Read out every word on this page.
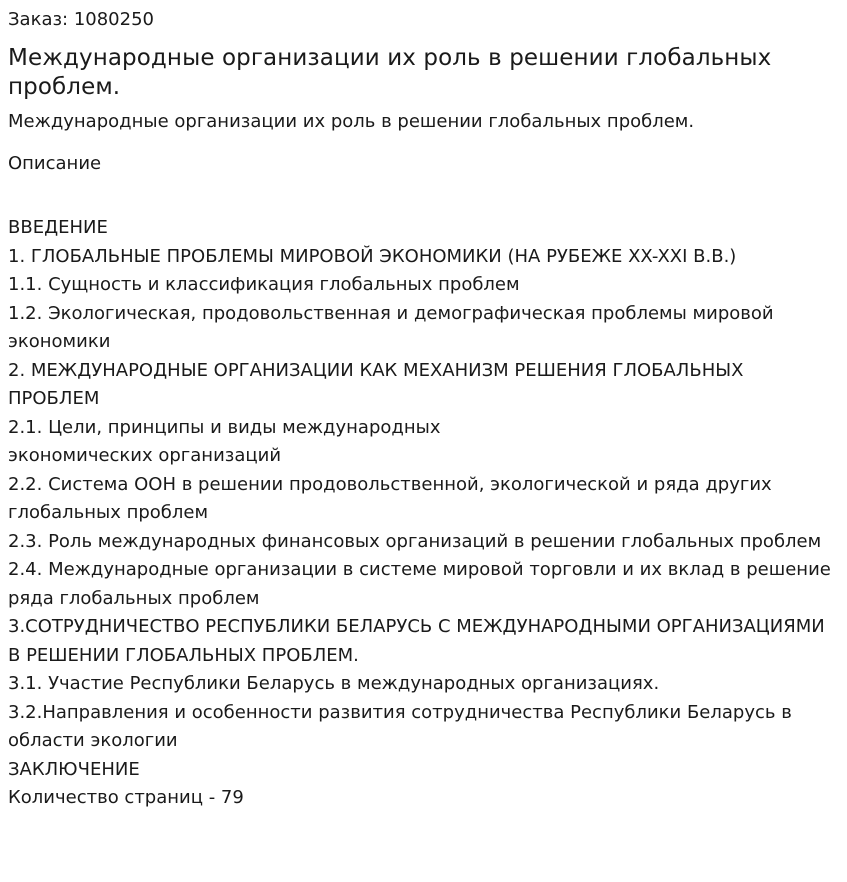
Заказ: 1080250

Международные организации их роль в решении глобальных проблем.

Международные организации их роль в решении глобальных проблем.

Описание

ВВЕДЕНИЕ
1. ГЛОБАЛЬНЫЕ ПРОБЛЕМЫ МИРОВОЙ ЭКОНОМИКИ (НА РУБЕЖЕ XX-XXI В.В.)
1.1. Сущность и классификация глобальных проблем
1.2. Экологическая, продовольственная и демографическая проблемы мировой экономики
2. МЕЖДУНАРОДНЫЕ ОРГАНИЗАЦИИ КАК МЕХАНИЗМ РЕШЕНИЯ ГЛОБАЛЬНЫХ ПРОБЛЕМ
2.1. Цели, принципы и виды международных
экономических организаций
2.2. Система ООН в решении продовольственной, экологической и ряда других глобальных проблем
2.3. Роль международных финансовых организаций в решении глобальных проблем
2.4. Международные организации в системе мировой торговли и их вклад в решение ряда глобальных проблем
3.СОТРУДНИЧЕСТВО РЕСПУБЛИКИ БЕЛАРУСЬ С МЕЖДУНАРОДНЫМИ ОРГАНИЗАЦИЯМИ В РЕШЕНИИ ГЛОБАЛЬНЫХ ПРОБЛЕМ.
3.1. Участие Республики Беларусь в международных организациях.
3.2.Направления и особенности развития сотрудничества Республики Беларусь в области экологии
ЗАКЛЮЧЕНИЕ

Количество страниц - 79
